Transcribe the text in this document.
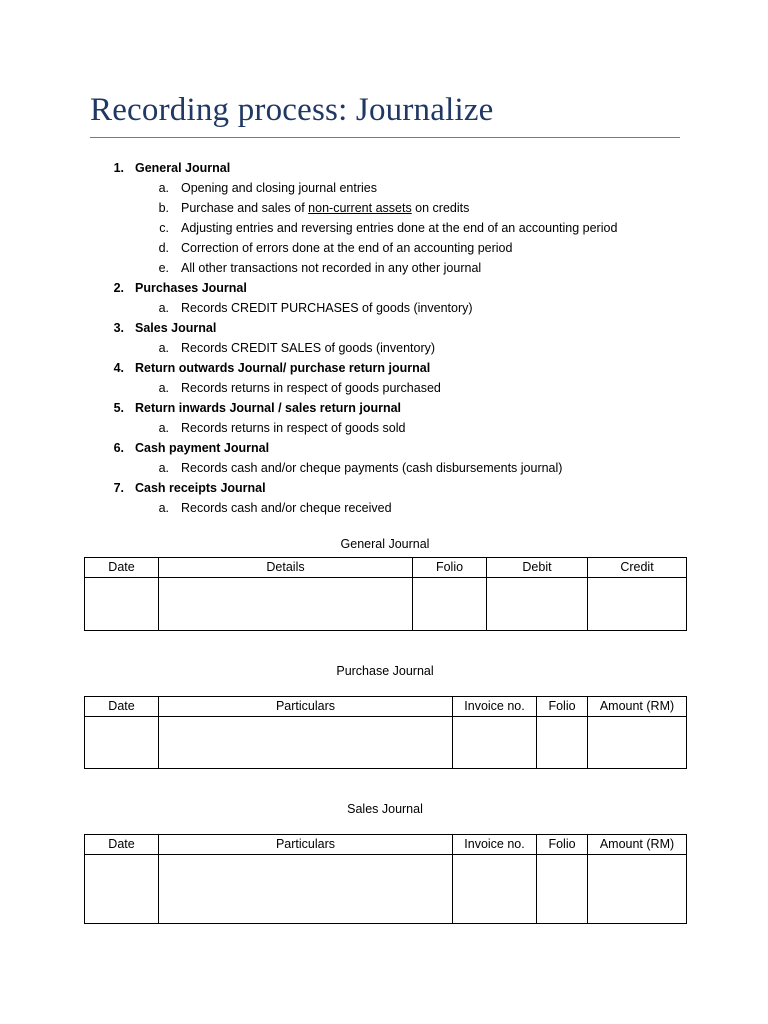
Recording process: Journalize
1. General Journal
a. Opening and closing journal entries
b. Purchase and sales of non-current assets on credits
c. Adjusting entries and reversing entries done at the end of an accounting period
d. Correction of errors done at the end of an accounting period
e. All other transactions not recorded in any other journal
2. Purchases Journal
a. Records CREDIT PURCHASES of goods (inventory)
3. Sales Journal
a. Records CREDIT SALES of goods (inventory)
4. Return outwards Journal/ purchase return journal
a. Records returns in respect of goods purchased
5. Return inwards Journal / sales return journal
a. Records returns in respect of goods sold
6. Cash payment Journal
a. Records cash and/or cheque payments (cash disbursements journal)
7. Cash receipts Journal
a. Records cash and/or cheque received
General Journal
Date	Details	Folio	Debit	Credit

Purchase Journal
Date	Particulars	Invoice no.	Folio	Amount (RM)

Sales Journal
Date	Particulars	Invoice no.	Folio	Amount (RM)
